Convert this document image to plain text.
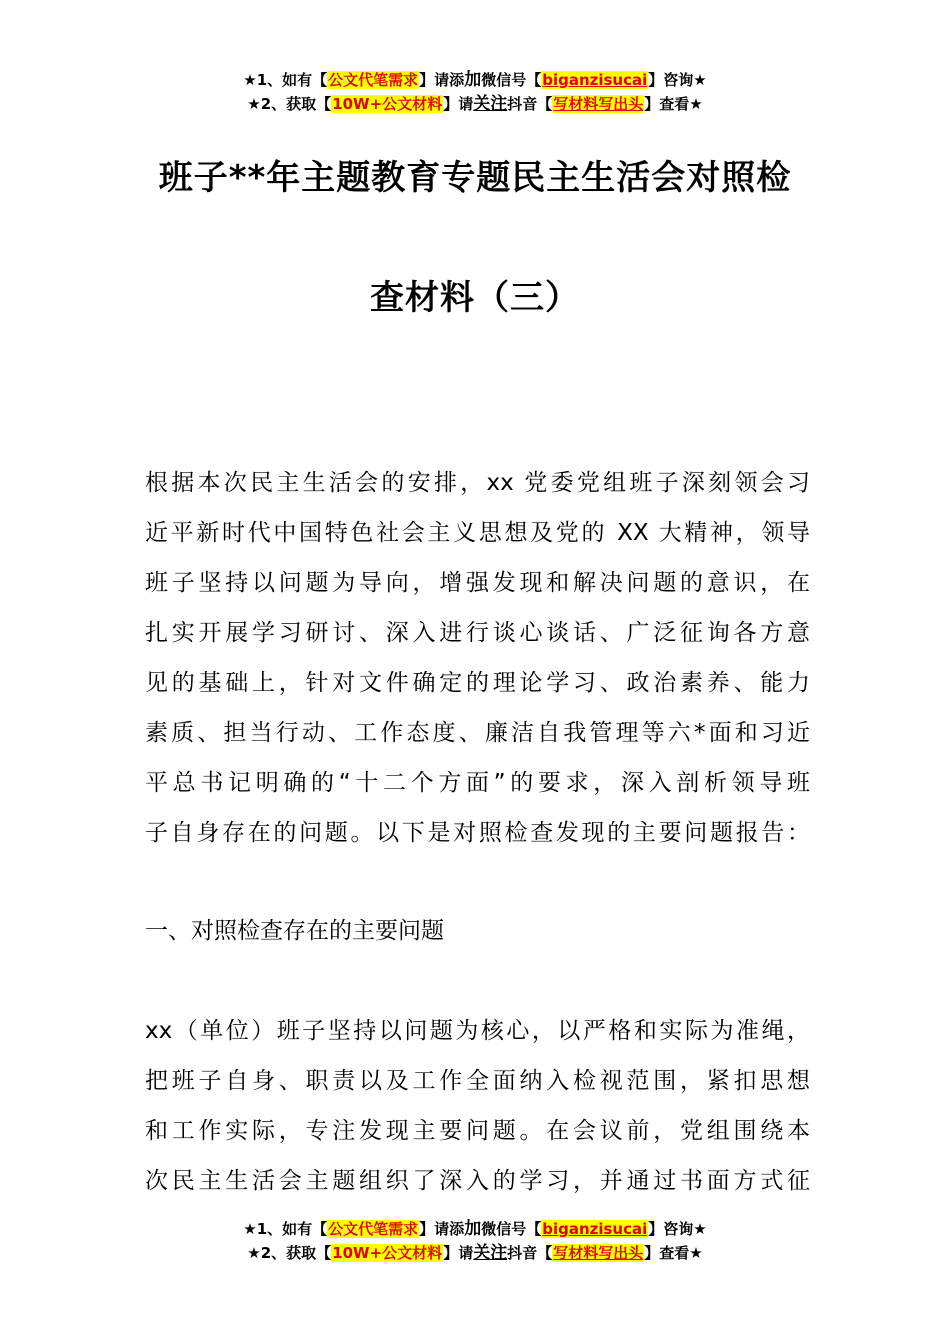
★1、如有【公文代笔需求】请添加微信号【biganzisucai】咨询★
★2、获取【10W+公文材料】请关注抖音【写材料写出头】查看★
班子**年主题教育专题民主生活会对照检
查材料（三）
根据本次民主生活会的安排，xx 党委党组班子深刻领会习
近平新时代中国特色社会主义思想及党的 XX 大精神，领导
班子坚持以问题为导向，增强发现和解决问题的意识，在
扎实开展学习研讨、深入进行谈心谈话、广泛征询各方意
见的基础上，针对文件确定的理论学习、政治素养、能力
素质、担当行动、工作态度、廉洁自我管理等六*面和习近
平总书记明确的“十二个方面”的要求，深入剖析领导班
子自身存在的问题。以下是对照检查发现的主要问题报告：
一、对照检查存在的主要问题
xx（单位）班子坚持以问题为核心，以严格和实际为准绳，
把班子自身、职责以及工作全面纳入检视范围，紧扣思想
和工作实际，专注发现主要问题。在会议前，党组围绕本
次民主生活会主题组织了深入的学习，并通过书面方式征
★1、如有【公文代笔需求】请添加微信号【biganzisucai】咨询★
★2、获取【10W+公文材料】请关注抖音【写材料写出头】查看★
